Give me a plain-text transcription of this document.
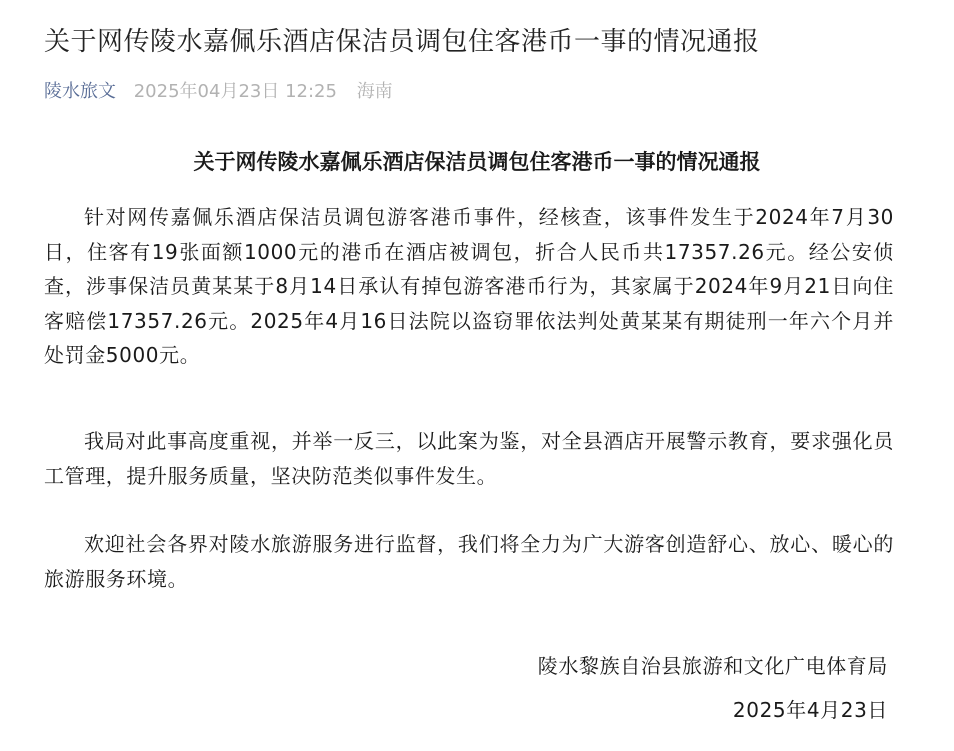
关于网传陵水嘉佩乐酒店保洁员调包住客港币一事的情况通报
陵水旅文 2025年04月23日 12:25 海南
关于网传陵水嘉佩乐酒店保洁员调包住客港币一事的情况通报

针对网传嘉佩乐酒店保洁员调包游客港币事件，经核查，该事件发生于2024年7月30日，住客有19张面额1000元的港币在酒店被调包，折合人民币共17357.26元。经公安侦查，涉事保洁员黄某某于8月14日承认有掉包游客港币行为，其家属于2024年9月21日向住客赔偿17357.26元。2025年4月16日法院以盗窃罪依法判处黄某某有期徒刑一年六个月并处罚金5000元。

我局对此事高度重视，并举一反三，以此案为鉴，对全县酒店开展警示教育，要求强化员工管理，提升服务质量，坚决防范类似事件发生。

欢迎社会各界对陵水旅游服务进行监督，我们将全力为广大游客创造舒心、放心、暖心的旅游服务环境。

陵水黎族自治县旅游和文化广电体育局
2025年4月23日
